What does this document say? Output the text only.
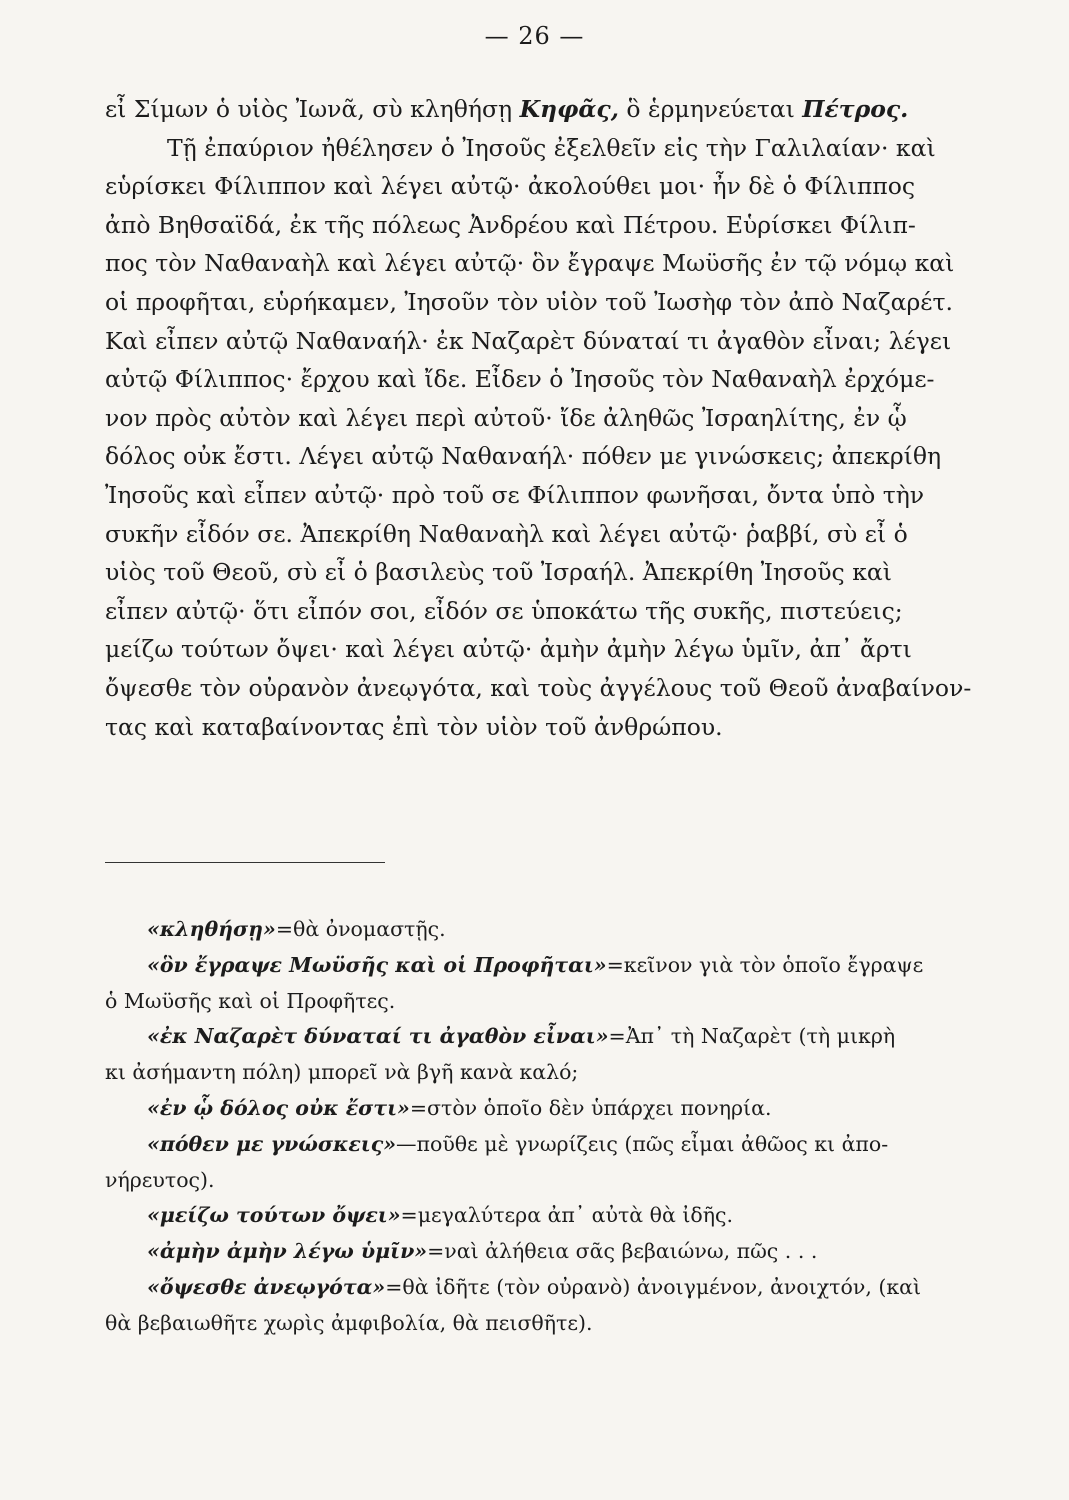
— 26 —
εἶ Σίμων ὁ υἱὸς Ἰωνᾶ, σὺ κληθήσῃ Κηφᾶς, ὃ ἑρμηνεύεται Πέτρος.
Τῇ ἐπαύριον ἠθέλησεν ὁ Ἰησοῦς ἐξελθεῖν εἰς τὴν Γαλιλαίαν· καὶ
εὑρίσκει Φίλιππον καὶ λέγει αὐτῷ· ἀκολούθει μοι· ἦν δὲ ὁ Φίλιππος
ἀπὸ Βηθσαϊδά, ἐκ τῆς πόλεως Ἀνδρέου καὶ Πέτρου. Εὑρίσκει Φίλιπ-
πος τὸν Ναθαναὴλ καὶ λέγει αὐτῷ· ὃν ἔγραψε Μωϋσῆς ἐν τῷ νόμῳ καὶ
οἱ προφῆται, εὑρήκαμεν, Ἰησοῦν τὸν υἱὸν τοῦ Ἰωσὴφ τὸν ἀπὸ Ναζαρέτ.
Καὶ εἶπεν αὐτῷ Ναθαναήλ· ἐκ Ναζαρὲτ δύναταί τι ἀγαθὸν εἶναι; λέγει
αὐτῷ Φίλιππος· ἔρχου καὶ ἴδε. Εἶδεν ὁ Ἰησοῦς τὸν Ναθαναὴλ ἐρχόμε-
νον πρὸς αὐτὸν καὶ λέγει περὶ αὐτοῦ· ἴδε ἀληθῶς Ἰσραηλίτης, ἐν ᾧ
δόλος οὐκ ἔστι. Λέγει αὐτῷ Ναθαναήλ· πόθεν με γινώσκεις; ἀπεκρίθη
Ἰησοῦς καὶ εἶπεν αὐτῷ· πρὸ τοῦ σε Φίλιππον φωνῆσαι, ὄντα ὑπὸ τὴν
συκῆν εἶδόν σε. Ἀπεκρίθη Ναθαναὴλ καὶ λέγει αὐτῷ· ῥαββί, σὺ εἶ ὁ
υἱὸς τοῦ Θεοῦ, σὺ εἶ ὁ βασιλεὺς τοῦ Ἰσραήλ. Ἀπεκρίθη Ἰησοῦς καὶ
εἶπεν αὐτῷ· ὅτι εἶπόν σοι, εἶδόν σε ὑποκάτω τῆς συκῆς, πιστεύεις;
μείζω τούτων ὄψει· καὶ λέγει αὐτῷ· ἀμὴν ἀμὴν λέγω ὑμῖν, ἀπ᾽ ἄρτι
ὄψεσθε τὸν οὐρανὸν ἀνεῳγότα, καὶ τοὺς ἀγγέλους τοῦ Θεοῦ ἀναβαίνον-
τας καὶ καταβαίνοντας ἐπὶ τὸν υἱὸν τοῦ ἀνθρώπου.
«κληθήσῃ»=θὰ ὀνομαστῇς.
«ὃν ἔγραψε Μωϋσῆς καὶ οἱ Προφῆται»=κεῖνον γιὰ τὸν ὁποῖο ἔγραψε
ὁ Μωϋσῆς καὶ οἱ Προφῆτες.
«ἐκ Ναζαρὲτ δύναταί τι ἀγαθὸν εἶναι»=Ἀπ᾽ τὴ Ναζαρὲτ (τὴ μικρὴ
κι ἀσήμαντη πόλη) μπορεῖ νὰ βγῆ κανὰ καλό;
«ἐν ᾧ δόλος οὐκ ἔστι»=στὸν ὁποῖο δὲν ὑπάρχει πονηρία.
«πόθεν με γνώσκεις»—ποῦθε μὲ γνωρίζεις (πῶς εἶμαι ἀθῶος κι ἀπο-
νήρευτος).
«μείζω τούτων ὄψει»=μεγαλύτερα ἀπ᾽ αὐτὰ θὰ ἰδῆς.
«ἀμὴν ἀμὴν λέγω ὑμῖν»=ναὶ ἀλήθεια σᾶς βεβαιώνω, πῶς . . .
«ὄψεσθε ἀνεῳγότα»=θὰ ἰδῆτε (τὸν οὐρανὸ) ἀνοιγμένον, ἀνοιχτόν, (καὶ
θὰ βεβαιωθῆτε χωρὶς ἀμφιβολία, θὰ πεισθῆτε).
